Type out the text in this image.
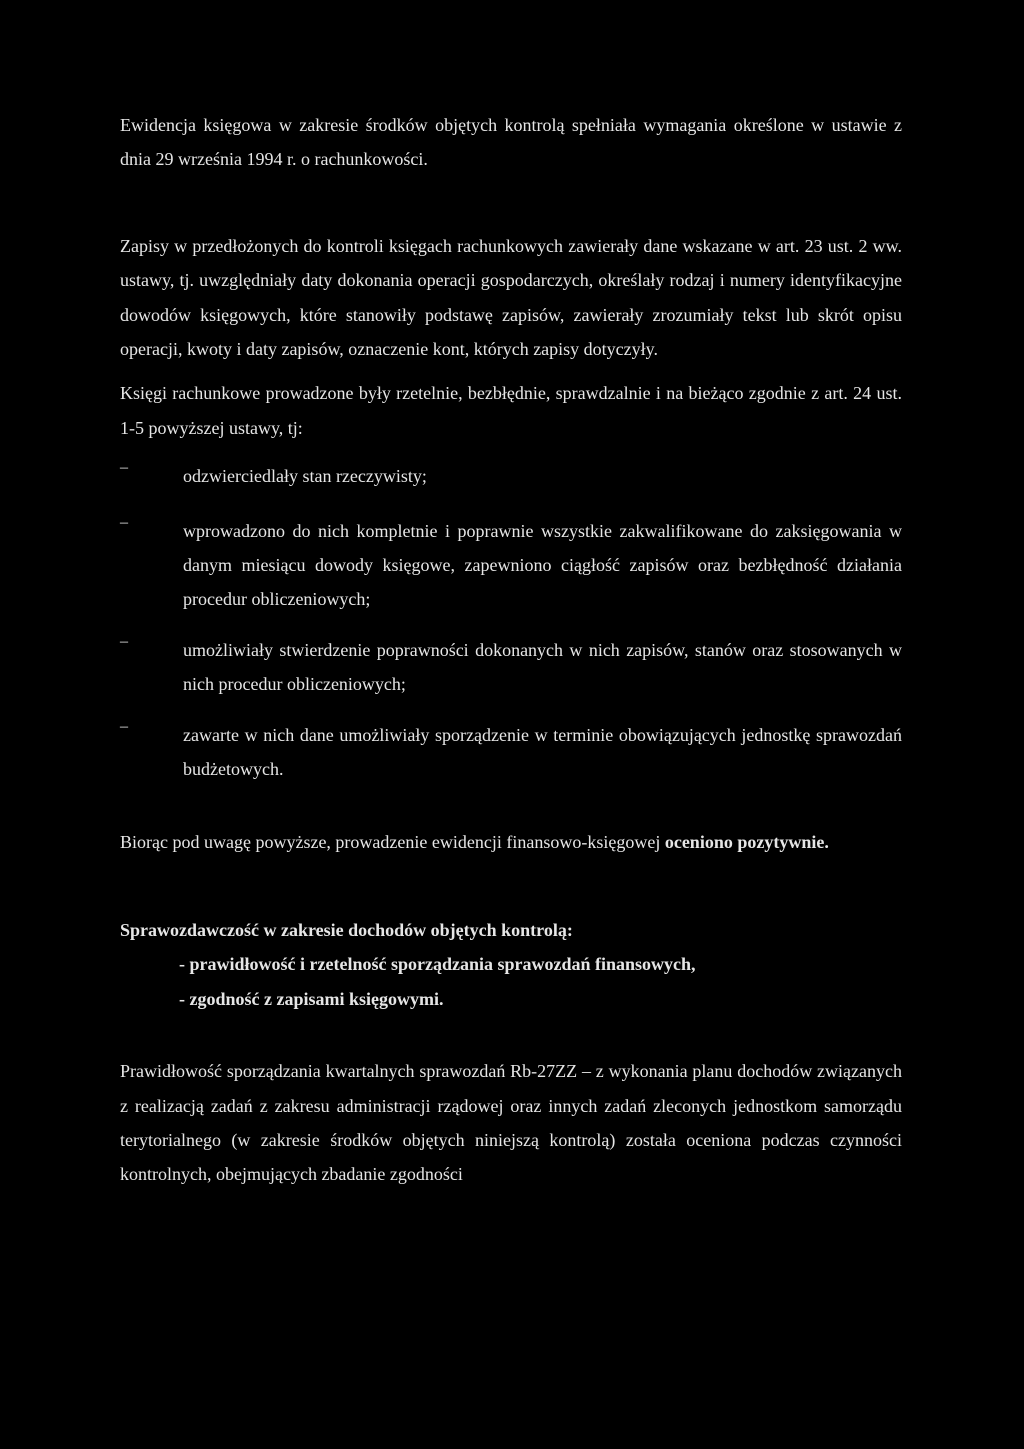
Ewidencja księgowa w zakresie środków objętych kontrolą spełniała wymagania określone w ustawie z dnia 29 września 1994 r. o rachunkowości.

Zapisy w przedłożonych do kontroli księgach rachunkowych zawierały dane wskazane w art. 23 ust. 2 ww. ustawy, tj. uwzględniały daty dokonania operacji gospodarczych, określały rodzaj i numery identyfikacyjne dowodów księgowych, które stanowiły podstawę zapisów, zawierały zrozumiały tekst lub skrót opisu operacji, kwoty i daty zapisów, oznaczenie kont, których zapisy dotyczyły.

Księgi rachunkowe prowadzone były rzetelnie, bezbłędnie, sprawdzalnie i na bieżąco zgodnie z art. 24 ust. 1-5 powyższej ustawy, tj:

–	odzwierciedlały stan rzeczywisty;
–	wprowadzono do nich kompletnie i poprawnie wszystkie zakwalifikowane do zaksięgowania w danym miesiącu dowody księgowe, zapewniono ciągłość zapisów oraz bezbłędność działania procedur obliczeniowych;
–	umożliwiały stwierdzenie poprawności dokonanych w nich zapisów, stanów oraz stosowanych w nich procedur obliczeniowych;
–	zawarte w nich dane umożliwiały sporządzenie w terminie obowiązujących jednostkę sprawozdań budżetowych.

Biorąc pod uwagę powyższe, prowadzenie ewidencji finansowo-księgowej oceniono pozytywnie.

Sprawozdawczość w zakresie dochodów objętych kontrolą:
- prawidłowość i rzetelność sporządzania sprawozdań finansowych,
- zgodność z zapisami księgowymi.

Prawidłowość sporządzania kwartalnych sprawozdań Rb-27ZZ – z wykonania planu dochodów związanych z realizacją zadań z zakresu administracji rządowej oraz innych zadań zleconych jednostkom samorządu terytorialnego (w zakresie środków objętych niniejszą kontrolą) została oceniona podczas czynności kontrolnych, obejmujących zbadanie zgodności
